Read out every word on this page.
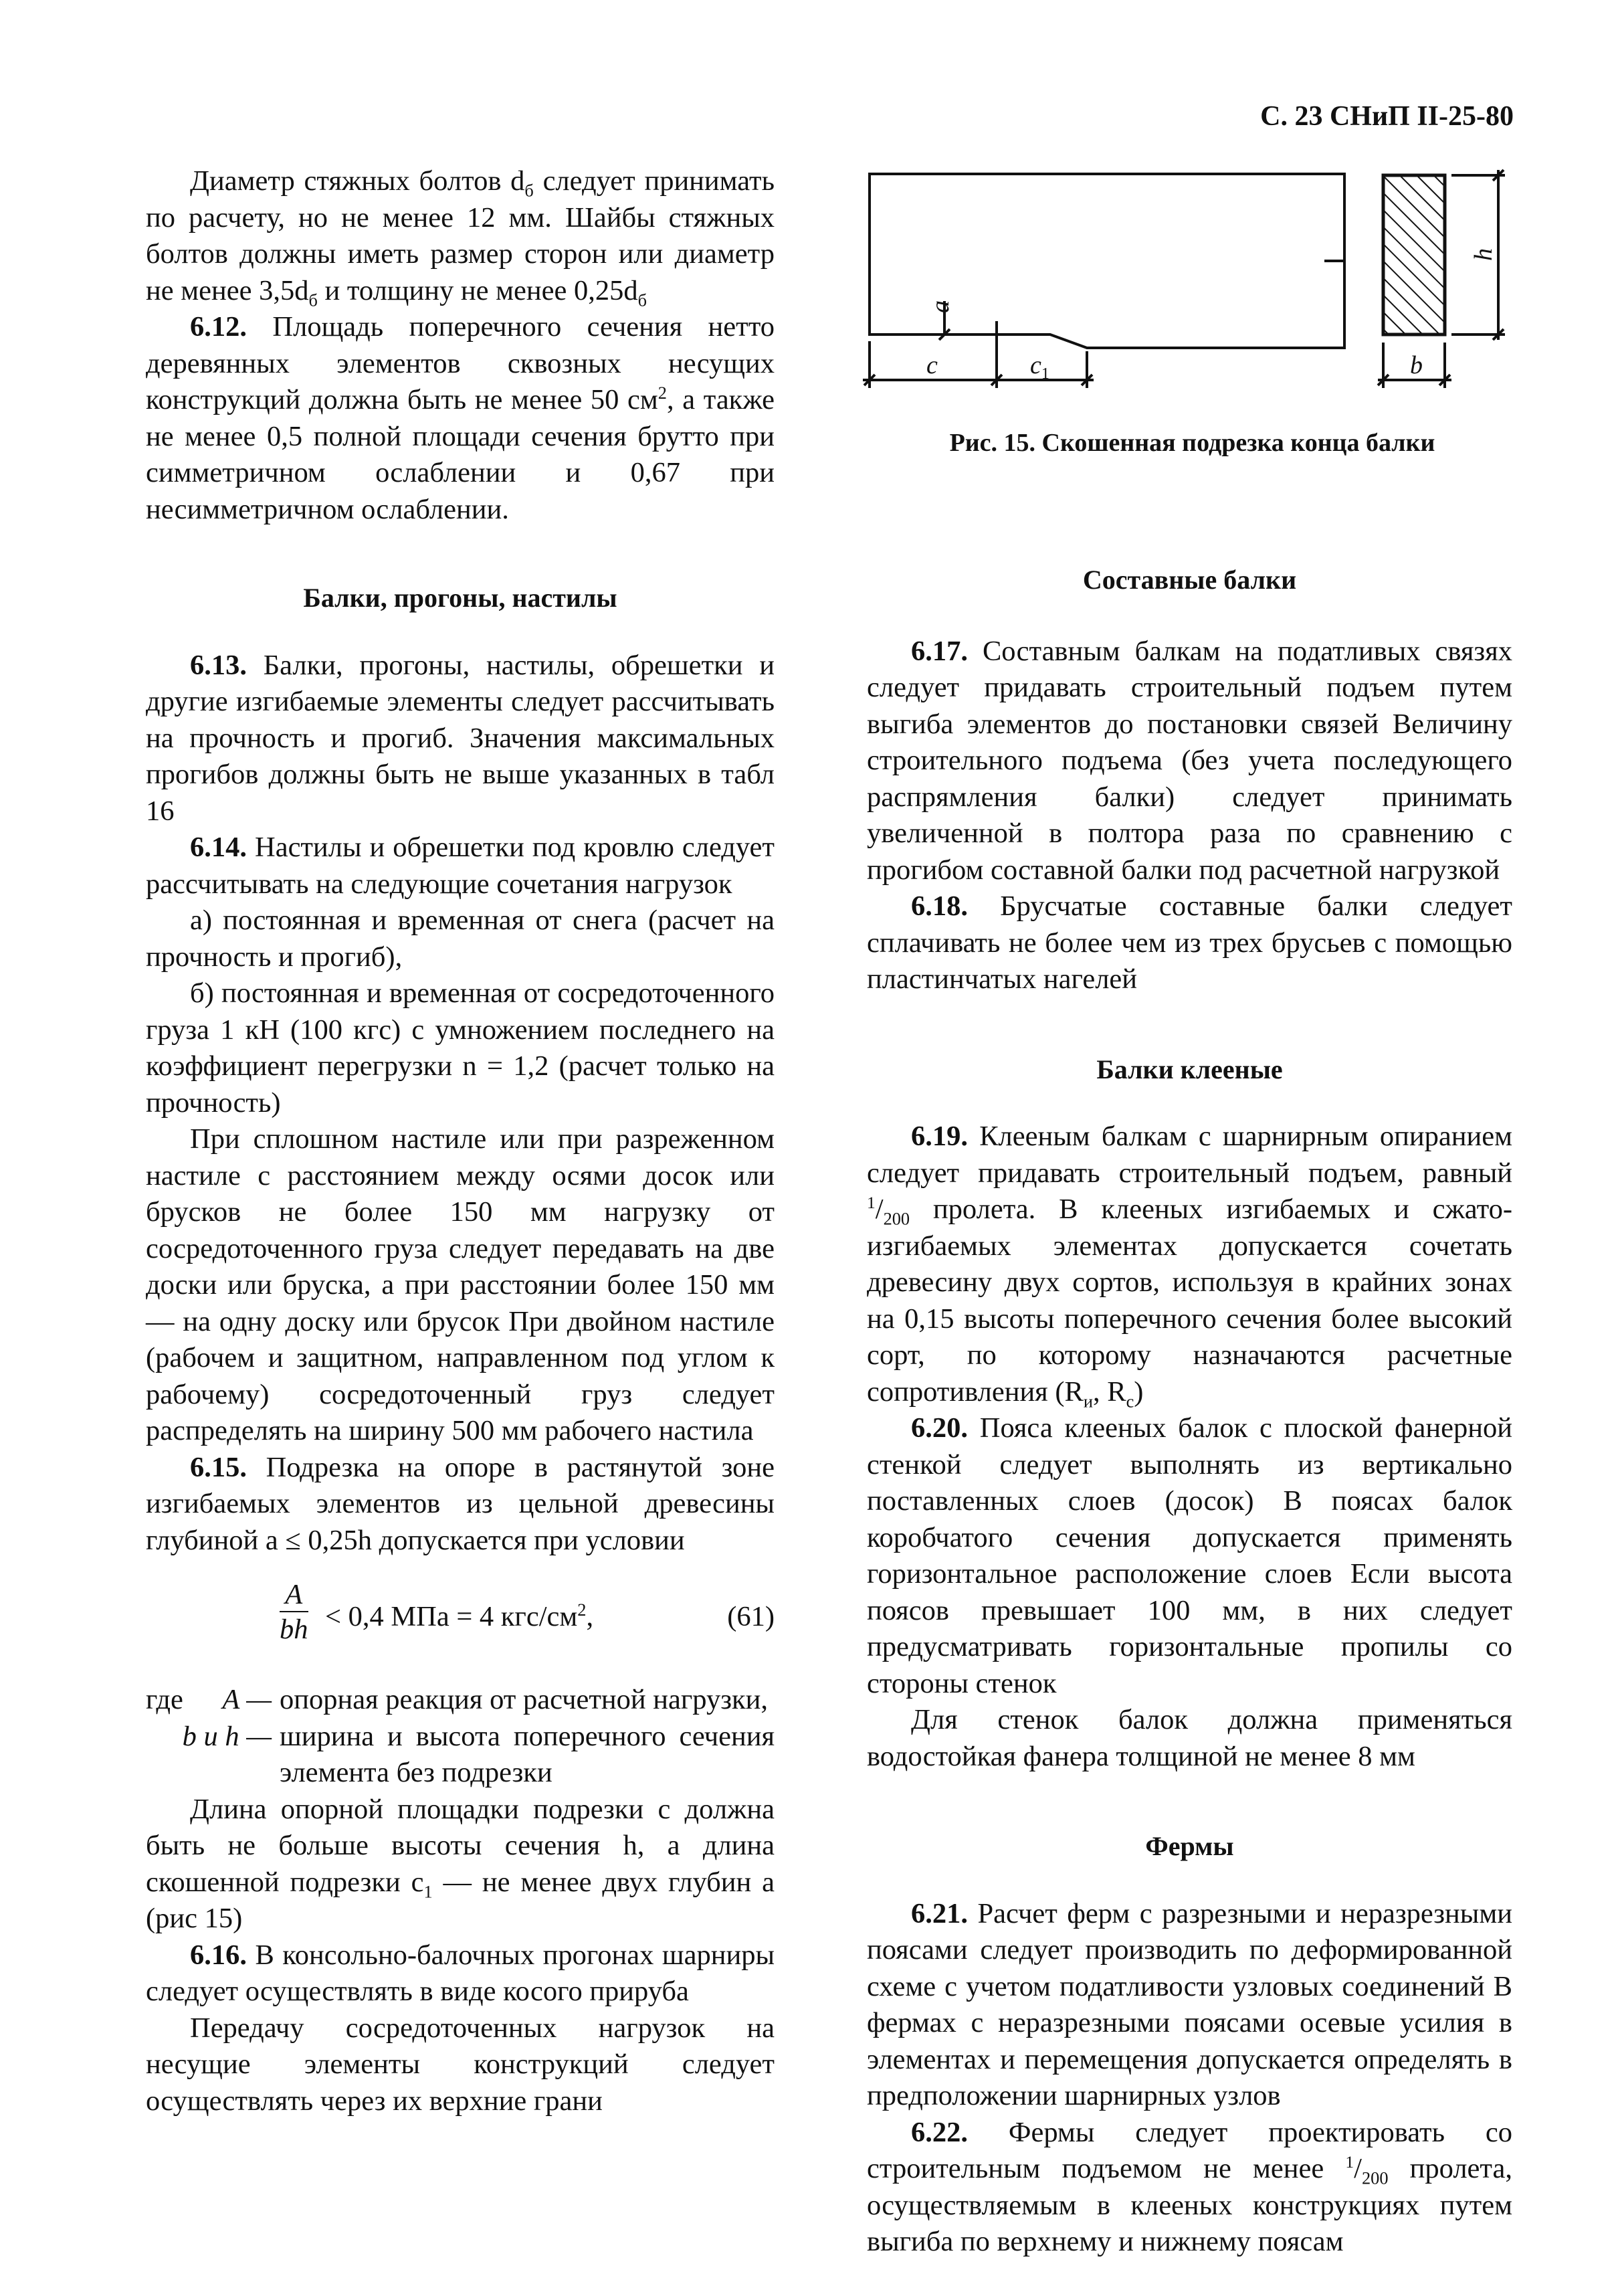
С. 23 СНиП II-25-80
a
c	$c_1$
h
b
Рис. 15. Скошенная подрезка конца балки

Диаметр стяжных болтов $d_б$ следует принимать по расчету, но не менее 12 мм. Шайбы стяжных болтов должны иметь размер сторон или диаметр не менее $3,5d_б$ и толщину не менее $0,25d_б$

6.12. Площадь поперечного сечения нетто деревянных элементов сквозных несущих конструкций должна быть не менее 50 $см^2$, а также не менее 0,5 полной площади сечения брутто при симметричном ослаблении и 0,67 при несимметричном ослаблении.

Балки, прогоны, настилы

6.13. Балки, прогоны, настилы, обрешетки и другие изгибаемые элементы следует рассчитывать на прочность и прогиб. Значения максимальных прогибов должны быть не выше указанных в табл 16

6.14. Настилы и обрешетки под кровлю следует рассчитывать на следующие сочетания нагрузок

а) постоянная и временная от снега (расчет на прочность и прогиб),

б) постоянная и временная от сосредоточенного груза 1 кН (100 кгс) с умножением последнего на коэффициент перегрузки n = 1,2 (расчет только на прочность)

При сплошном настиле или при разреженном настиле с расстоянием между осями досок или брусков не более 150 мм нагрузку от сосредоточенного груза следует передавать на две доски или бруска, а при расстоянии более 150 мм — на одну доску или брусок При двойном настиле (рабочем и защитном, направленном под углом к рабочему) сосредоточенный груз следует распределять на ширину 500 мм рабочего настила

6.15. Подрезка на опоре в растянутой зоне изгибаемых элементов из цельной древесины глубиной a ≤ 0,25h допускается при условии

$\frac{A}{bh} < 0,4$ МПа = 4 кгс/$см^2$,	(61)
где	A — опорная реакция от расчетной нагрузки,
b и h — ширина и высота поперечного сечения элемента без подрезки

Длина опорной площадки подрезки c должна быть не больше высоты сечения h, а длина скошенной подрезки $c_1$ — не менее двух глубин a (рис 15)

6.16. В консольно-балочных прогонах шарниры следует осуществлять в виде косого прируба

Передачу сосредоточенных нагрузок на несущие элементы конструкций следует осуществлять через их верхние грани

Составные балки

6.17. Составным балкам на податливых связях следует придавать строительный подъем путем выгиба элементов до постановки связей Величину строительного подъема (без учета последующего распрямления балки) следует принимать увеличенной в полтора раза по сравнению с прогибом составной балки под расчетной нагрузкой

6.18. Брусчатые составные балки следует сплачивать не более чем из трех брусьев с помощью пластинчатых нагелей

Балки клееные

6.19. Клееным балкам с шарнирным опиранием следует придавать строительный подъем, равный $^1/_{200}$ пролета. В клееных изгибаемых и сжато-изгибаемых элементах допускается сочетать древесину двух сортов, используя в крайних зонах на 0,15 высоты поперечного сечения более высокий сорт, по которому назначаются расчетные сопротивления ($R_и$, $R_с$)

6.20. Пояса клееных балок с плоской фанерной стенкой следует выполнять из вертикально поставленных слоев (досок) В поясах балок коробчатого сечения допускается применять горизонтальное расположение слоев Если высота поясов превышает 100 мм, в них следует предусматривать горизонтальные пропилы со стороны стенок

Для стенок балок должна применяться водостойкая фанера толщиной не менее 8 мм

Фермы

6.21. Расчет ферм с разрезными и неразрезными поясами следует производить по деформированной схеме с учетом податливости узловых соединений В фермах с неразрезными поясами осевые усилия в элементах и перемещения допускается определять в предположении шарнирных узлов

6.22. Фермы следует проектировать со строительным подъемом не менее $^1/_{200}$ пролета, осуществляемым в клееных конструкциях путем выгиба по верхнему и нижнему поясам
